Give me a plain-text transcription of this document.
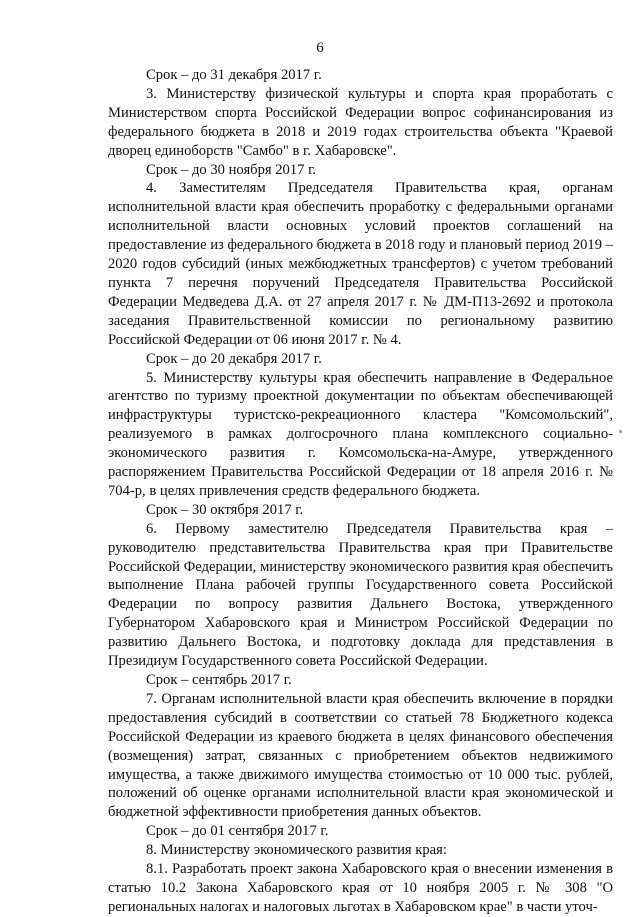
6

Срок – до 31 декабря 2017 г.

3. Министерству физической культуры и спорта края проработать с Министерством спорта Российской Федерации вопрос софинансирования из федерального бюджета в 2018 и 2019 годах строительства объекта "Краевой дворец единоборств "Самбо" в г. Хабаровске".

Срок – до 30 ноября 2017 г.

4. Заместителям Председателя Правительства края, органам исполнительной власти края обеспечить проработку с федеральными органами исполнительной власти основных условий проектов соглашений на предоставление из федерального бюджета в 2018 году и плановый период 2019 – 2020 годов субсидий (иных межбюджетных трансфертов) с учетом требований пункта 7 перечня поручений Председателя Правительства Российской Федерации Медведева Д.А. от 27 апреля 2017 г. № ДМ-П13-2692 и протокола заседания Правительственной комиссии по региональному развитию Российской Федерации от 06 июня 2017 г. № 4.

Срок – до 20 декабря 2017 г.

5. Министерству культуры края обеспечить направление в Федеральное агентство по туризму проектной документации по объектам обеспечивающей инфраструктуры туристско-рекреационного кластера "Комсомольский", реализуемого в рамках долгосрочного плана комплексного социально-экономического развития г. Комсомольска-на-Амуре, утвержденного распоряжением Правительства Российской Федерации от 18 апреля 2016 г. № 704-р, в целях привлечения средств федерального бюджета.

Срок – 30 октября 2017 г.

6. Первому заместителю Председателя Правительства края – руководителю представительства Правительства края при Правительстве Российской Федерации, министерству экономического развития края обеспечить выполнение Плана рабочей группы Государственного совета Российской Федерации по вопросу развития Дальнего Востока, утвержденного Губернатором Хабаровского края и Министром Российской Федерации по развитию Дальнего Востока, и подготовку доклада для представления в Президиум Государственного совета Российской Федерации.

Срок – сентябрь 2017 г.

7. Органам исполнительной власти края обеспечить включение в порядки предоставления субсидий в соответствии со статьей 78 Бюджетного кодекса Российской Федерации из краевого бюджета в целях финансового обеспечения (возмещения) затрат, связанных с приобретением объектов недвижимого имущества, а также движимого имущества стоимостью от 10 000 тыс. рублей, положений об оценке органами исполнительной власти края экономической и бюджетной эффективности приобретения данных объектов.

Срок – до 01 сентября 2017 г.

8. Министерству экономического развития края:

8.1. Разработать проект закона Хабаровского края о внесении изменения в статью 10.2 Закона Хабаровского края от 10 ноября 2005 г. № 308 "О региональных налогах и налоговых льготах в Хабаровском крае" в части уточ-
